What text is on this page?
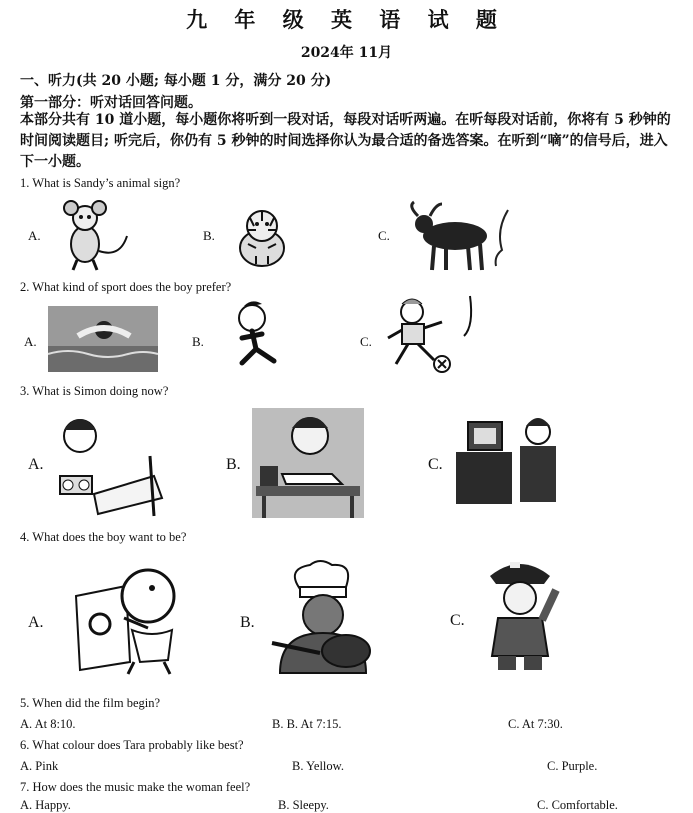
九 年 级 英 语 试 题
2024年 11月
一、听力(共 20 小题; 每小题 1 分，满分 20 分)
第一部分：听对话回答问题。
本部分共有 10 道小题，每小题你将听到一段对话，每段对话听两遍。在听每段对话前，你将有 5 秒钟的时间阅读题目; 听完后，你仍有 5 秒钟的时间选择你认为最合适的备选答案。在听到“嘀”的信号后，进入下一小题。
1. What is Sandy’s animal sign?
A.	B.	C.
2. What kind of sport does the boy prefer?
A.	B.	C.
3. What is Simon doing now?
A.	B.	C.
4. What does the boy want to be?
A.	B.	C.
5. When did the film begin?
A. At 8:10.	B. B. At 7:15.	C. At 7:30.
6. What colour does Tara probably like best?
A. Pink	B. Yellow.	C. Purple.
7. How does the music make the woman feel?
A. Happy.	B. Sleepy.	C. Comfortable.
